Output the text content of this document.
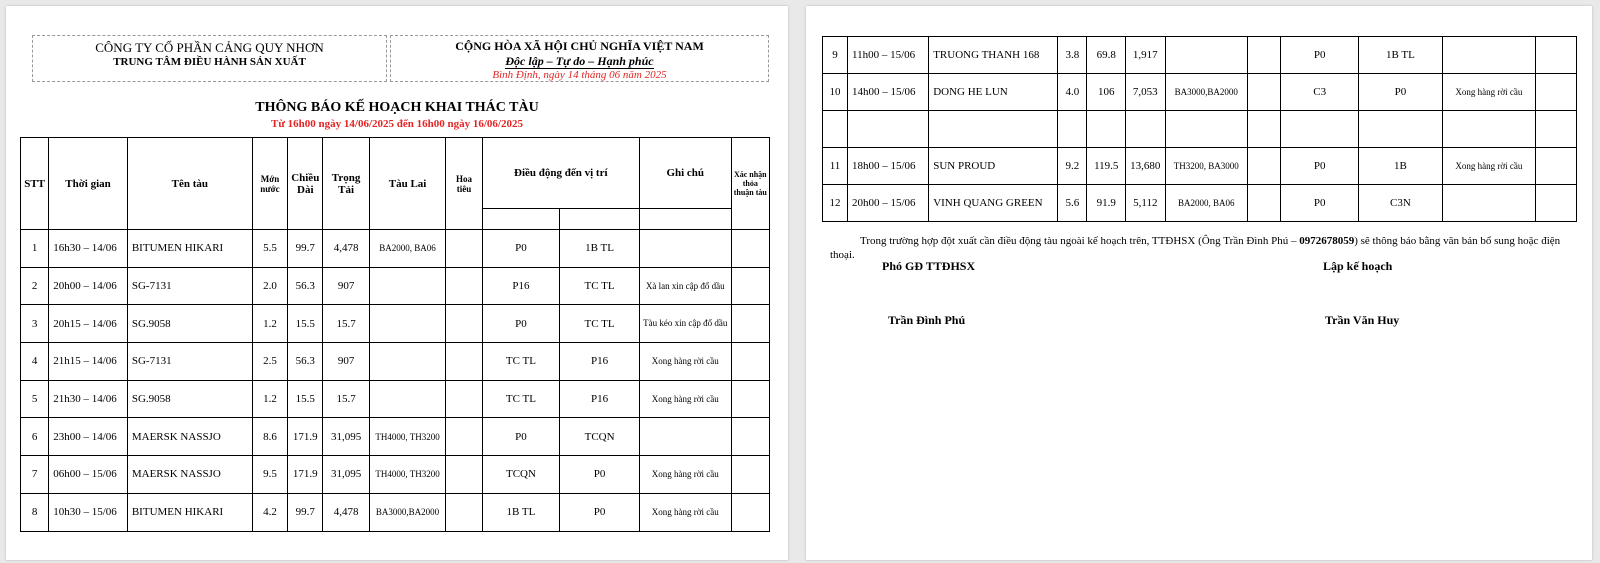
CÔNG TY CỔ PHẦN CẢNG QUY NHƠN
TRUNG TÂM ĐIỀU HÀNH SẢN XUẤT
CỘNG HÒA XÃ HỘI CHỦ NGHĨA VIỆT NAM
Độc lập – Tự do – Hạnh phúc
Bình Định, ngày 14 tháng 06 năm 2025
THÔNG BÁO KẾ HOẠCH KHAI THÁC TÀU
Từ 16h00 ngày 14/06/2025 đến 16h00 ngày 16/06/2025
STT	Thời gian	Tên tàu	Mớn nước	Chiều Dài	Trọng Tải	Tàu Lai	Hoa tiêu	Điều động đến vị trí		Ghi chú	Xác nhận thỏa thuận tàu

1	16h30 – 14/06	BITUMEN HIKARI	5.5	99.7	4,478	BA2000, BA06		P0	1B TL		
2	20h00 – 14/06	SG-7131	2.0	56.3	907			P16	TC TL	Xà lan xin cập đổ dầu	
3	20h15 – 14/06	SG.9058	1.2	15.5	15.7			P0	TC TL	Tàu kéo xin cập đổ dầu	
4	21h15 – 14/06	SG-7131	2.5	56.3	907			TC TL	P16	Xong hàng rời cầu	
5	21h30 – 14/06	SG.9058	1.2	15.5	15.7			TC TL	P16	Xong hàng rời cầu	
6	23h00 – 14/06	MAERSK NASSJO	8.6	171.9	31,095	TH4000, TH3200		P0	TCQN		
7	06h00 – 15/06	MAERSK NASSJO	9.5	171.9	31,095	TH4000, TH3200		TCQN	P0	Xong hàng rời cầu	
8	10h30 – 15/06	BITUMEN HIKARI	4.2	99.7	4,478	BA3000,BA2000		1B TL	P0	Xong hàng rời cầu	
9	11h00 – 15/06	TRUONG THANH 168	3.8	69.8	1,917			P0	1B TL		
10	14h00 – 15/06	DONG HE LUN	4.0	106	7,053	BA3000,BA2000		C3	P0	Xong hàng rời cầu	

11	18h00 – 15/06	SUN PROUD	9.2	119.5	13,680	TH3200, BA3000		P0	1B	Xong hàng rời cầu	
12	20h00 – 15/06	VINH QUANG GREEN	5.6	91.9	5,112	BA2000, BA06		P0	C3N		
Trong trường hợp đột xuất cần điều động tàu ngoài kế hoạch trên, TTĐHSX (Ông Trần Đình Phú – 0972678059) sẽ thông báo bằng văn bản bổ sung hoặc điện thoại.
Phó GĐ TTĐHSX
Trần Đình Phú
Lập kế hoạch
Trần Văn Huy
